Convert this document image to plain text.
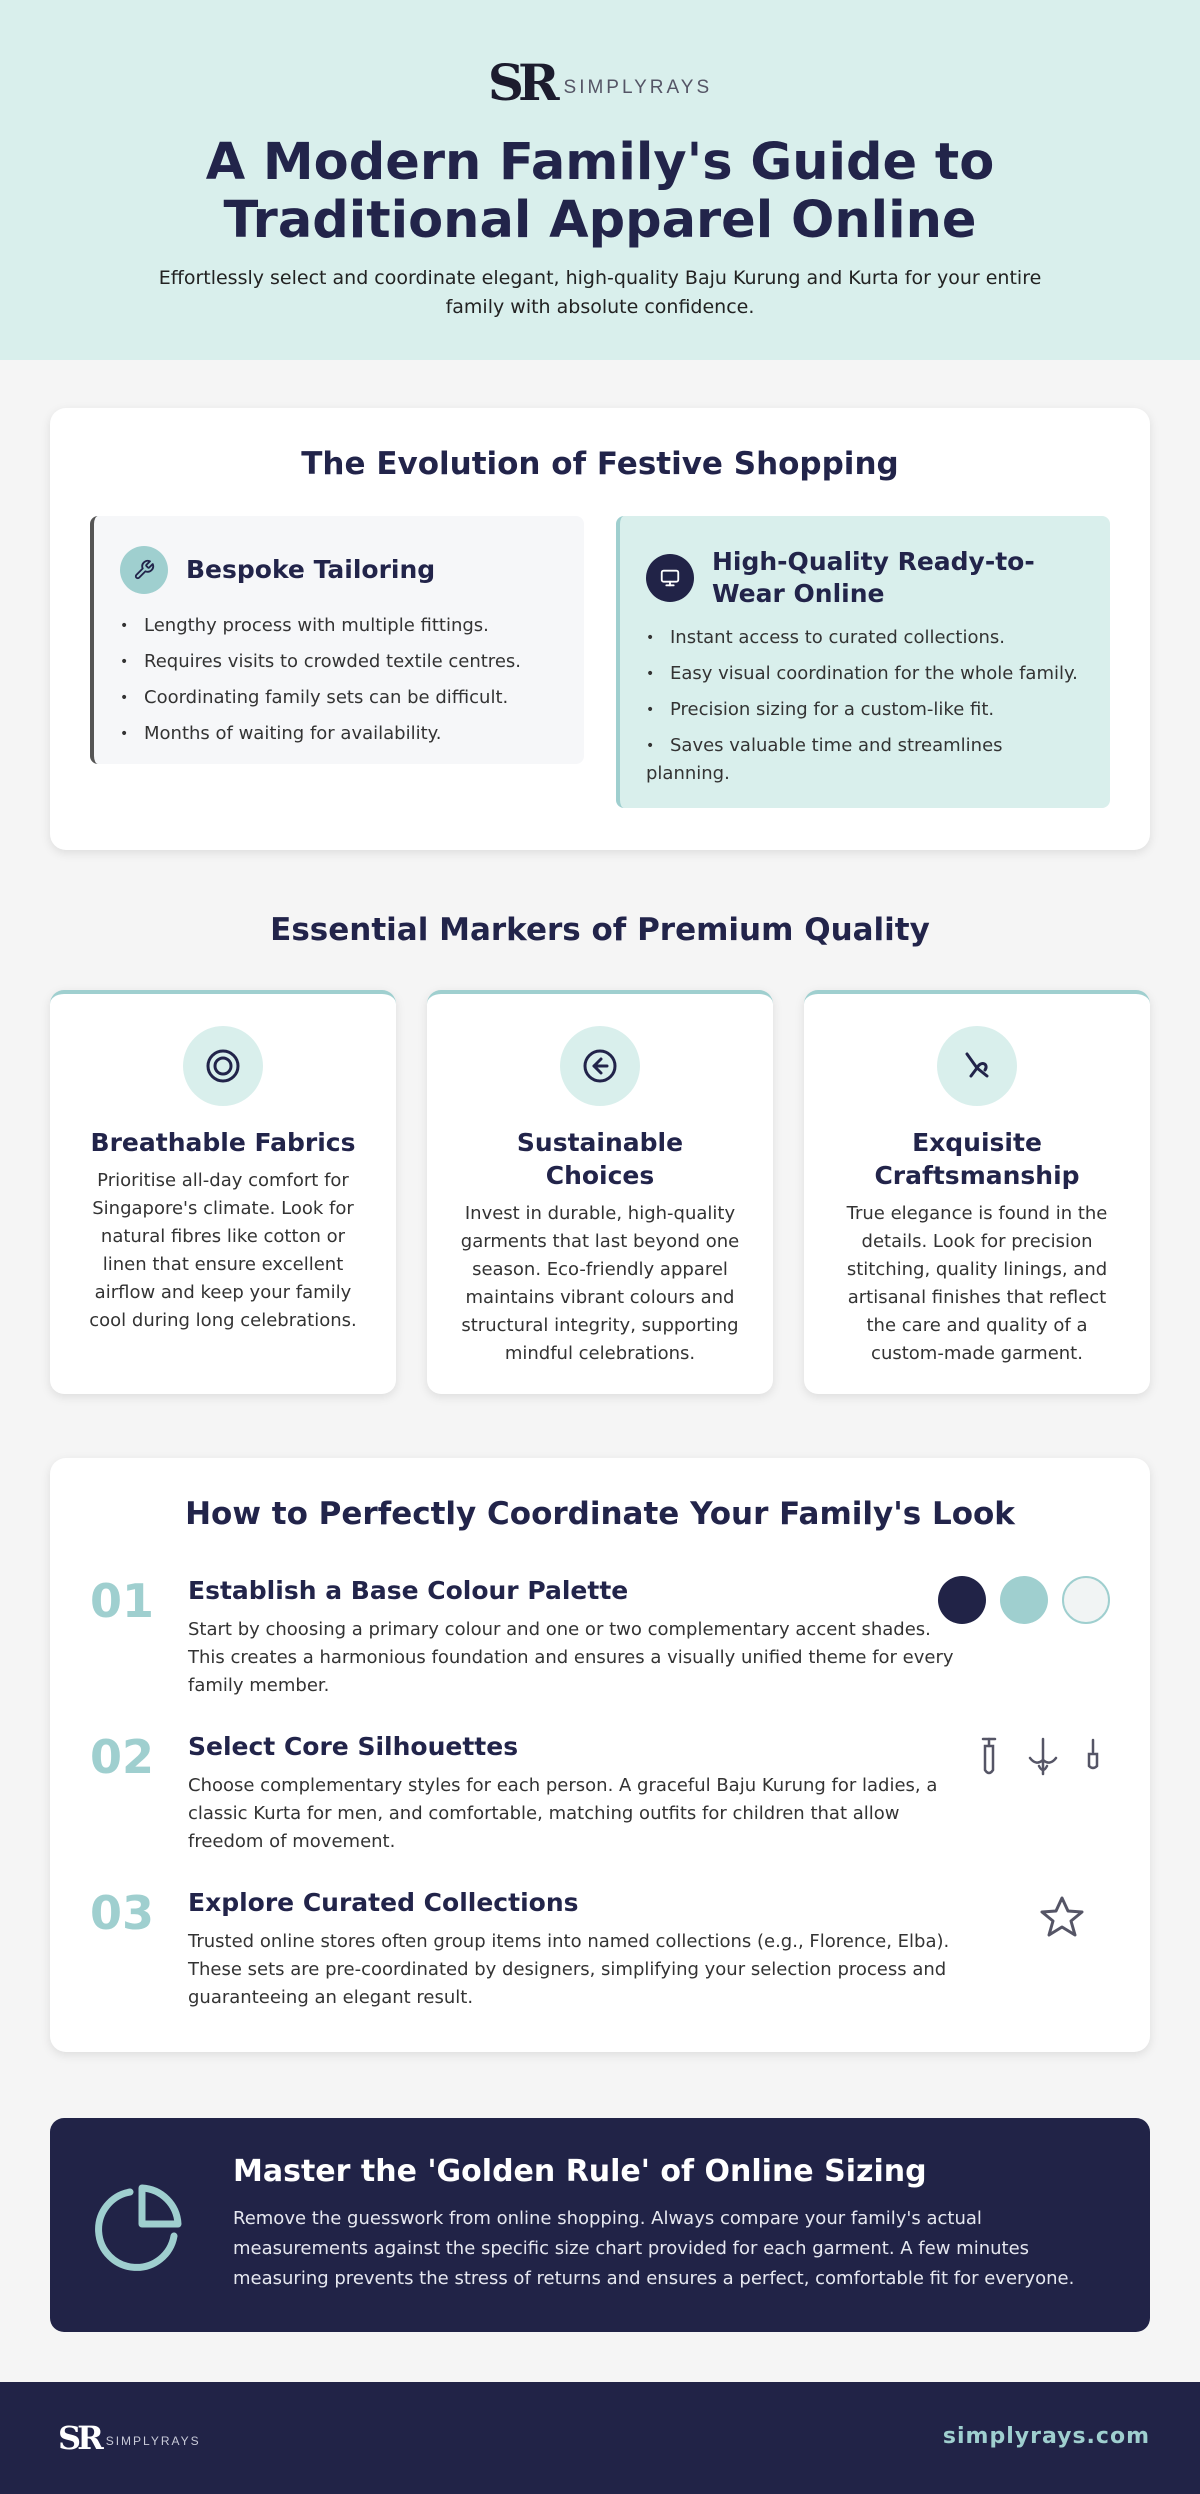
SR SIMPLYRAYS
A Modern Family's Guide to Traditional Apparel Online

Effortlessly select and coordinate elegant, high-quality Baju Kurung and Kurta for your entire family with absolute confidence.

The Evolution of Festive Shopping
Bespoke Tailoring
• Lengthy process with multiple fittings.
• Requires visits to crowded textile centres.
• Coordinating family sets can be difficult.
• Months of waiting for availability.
High-Quality Ready-to-Wear Online
• Instant access to curated collections.
• Easy visual coordination for the whole family.
• Precision sizing for a custom-like fit.
• Saves valuable time and streamlines planning.
Essential Markers of Premium Quality
Breathable Fabrics

Prioritise all-day comfort for Singapore's climate. Look for natural fibres like cotton or linen that ensure excellent airflow and keep your family cool during long celebrations.

Sustainable Choices

Invest in durable, high-quality garments that last beyond one season. Eco-friendly apparel maintains vibrant colours and structural integrity, supporting mindful celebrations.

Exquisite Craftsmanship

True elegance is found in the details. Look for precision stitching, quality linings, and artisanal finishes that reflect the care and quality of a custom-made garment.

How to Perfectly Coordinate Your Family's Look
01 Establish a Base Colour Palette

Start by choosing a primary colour and one or two complementary accent shades. This creates a harmonious foundation and ensures a visually unified theme for every family member.

02 Select Core Silhouettes

Choose complementary styles for each person. A graceful Baju Kurung for ladies, a classic Kurta for men, and comfortable, matching outfits for children that allow freedom of movement.

03 Explore Curated Collections

Trusted online stores often group items into named collections (e.g., Florence, Elba). These sets are pre-coordinated by designers, simplifying your selection process and guaranteeing an elegant result.

Master the 'Golden Rule' of Online Sizing

Remove the guesswork from online shopping. Always compare your family's actual measurements against the specific size chart provided for each garment. A few minutes measuring prevents the stress of returns and ensures a perfect, comfortable fit for everyone.

SR SIMPLYRAYS	simplyrays.com
